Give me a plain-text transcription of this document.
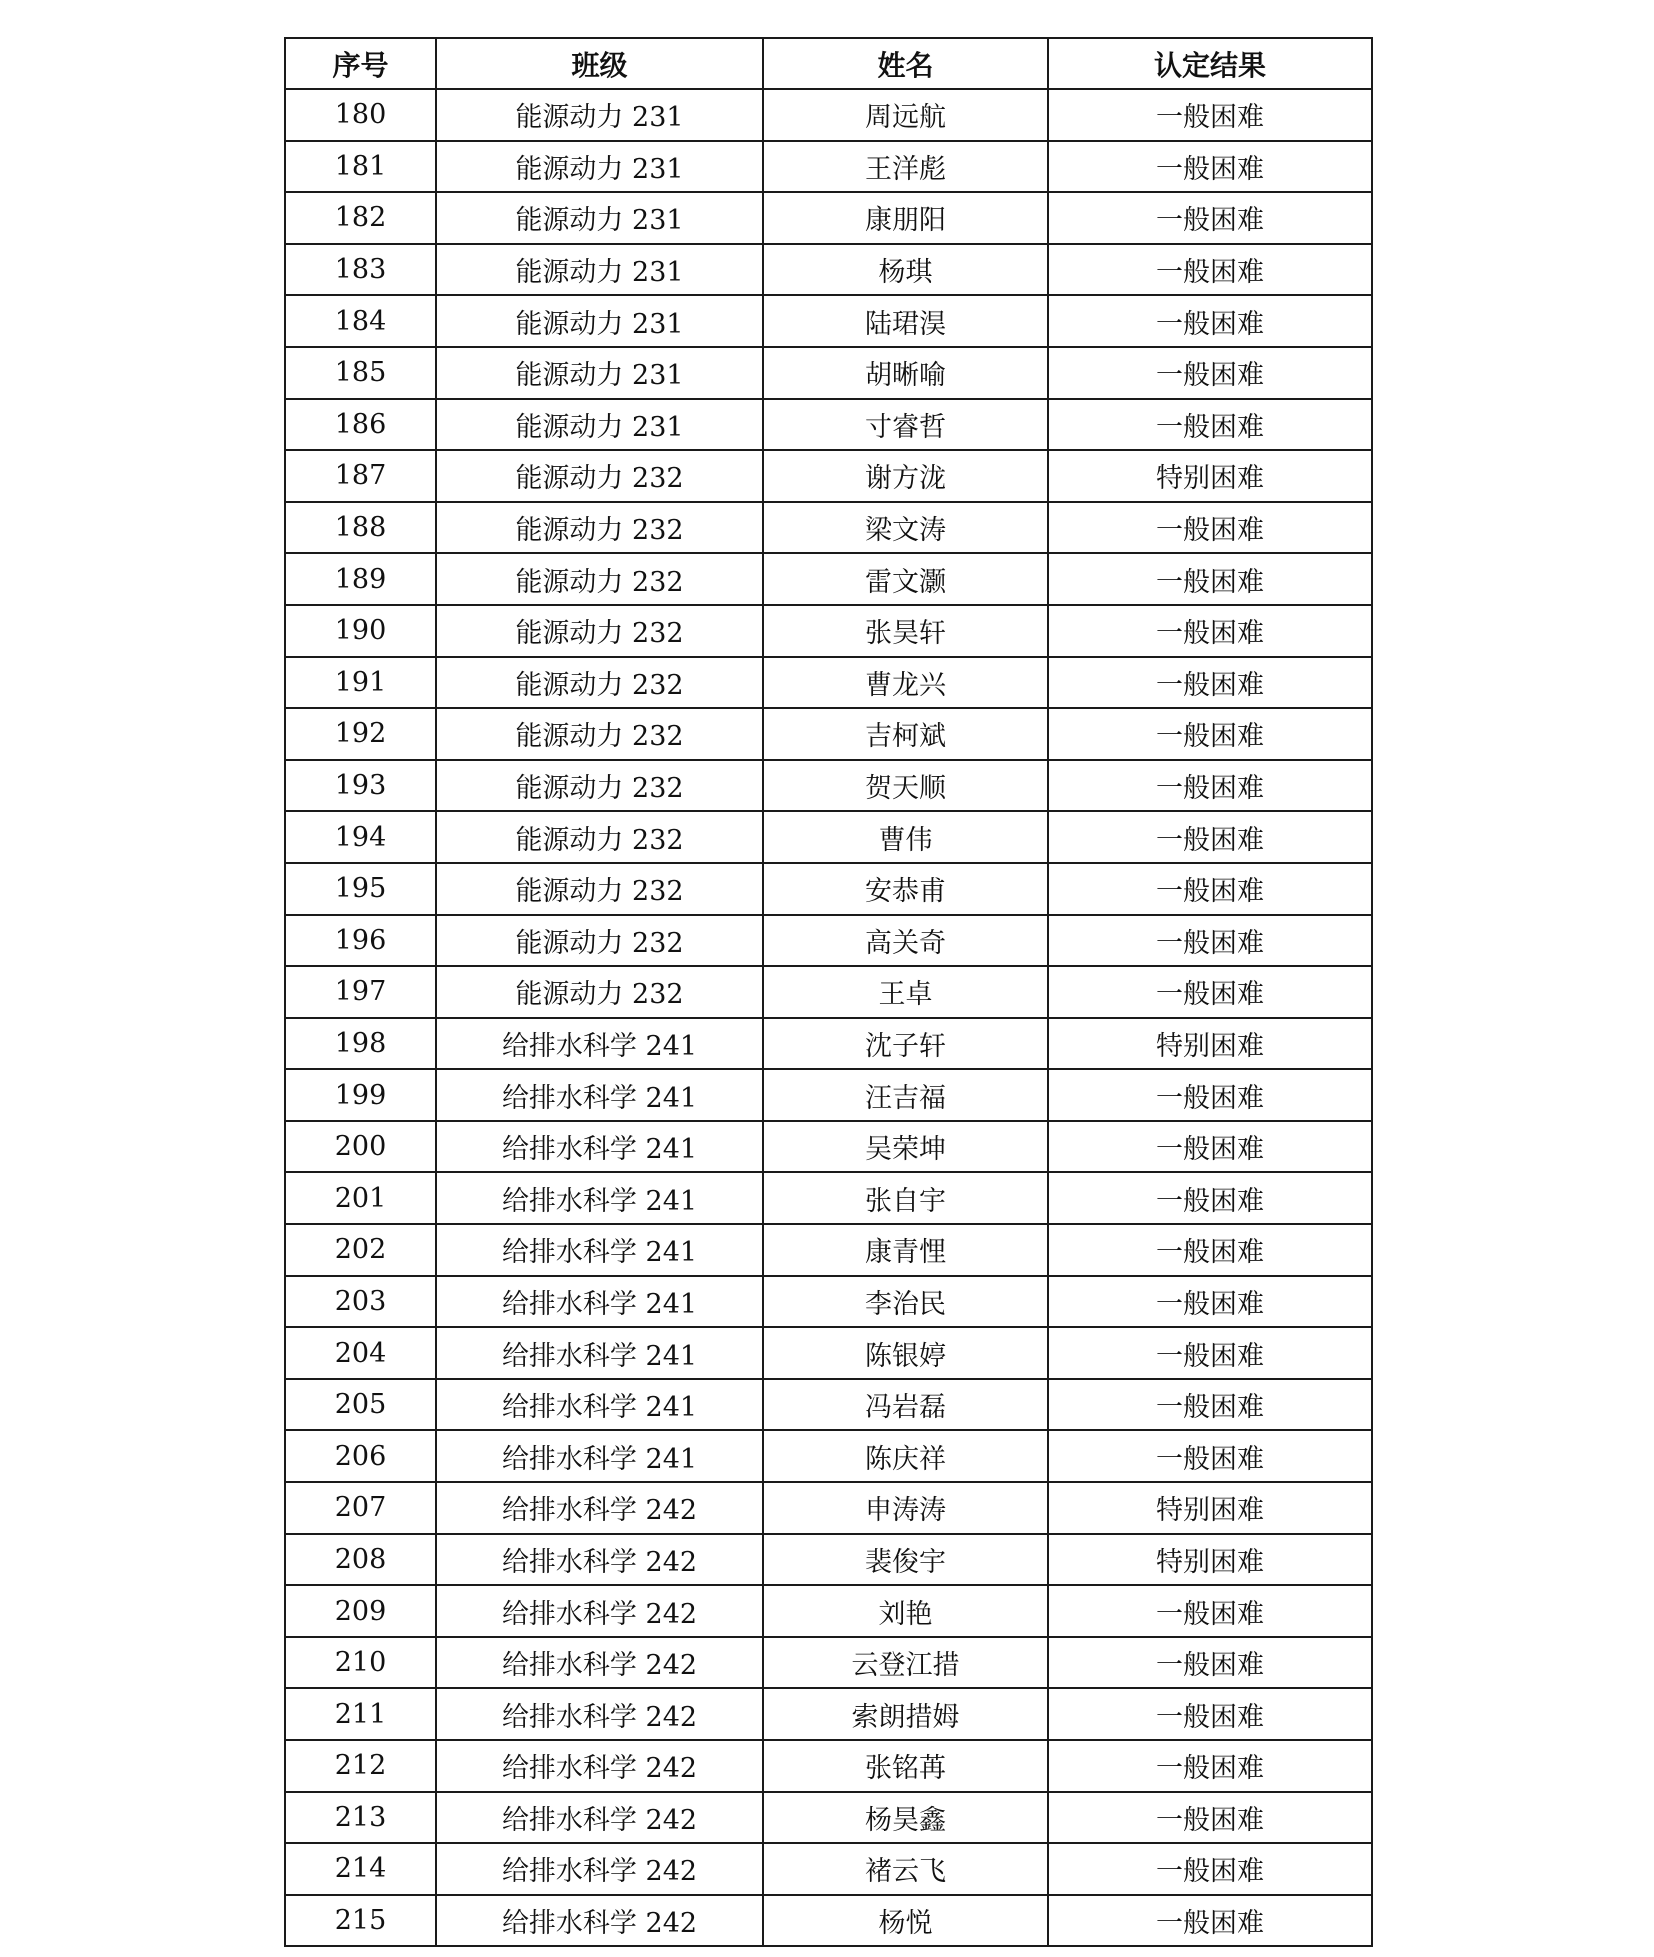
序号	班级	姓名	认定结果
180	能源动力 231	周远航	一般困难
181	能源动力 231	王洋彪	一般困难
182	能源动力 231	康朋阳	一般困难
183	能源动力 231	杨琪	一般困难
184	能源动力 231	陆珺淏	一般困难
185	能源动力 231	胡晰喻	一般困难
186	能源动力 231	寸睿哲	一般困难
187	能源动力 232	谢方泷	特别困难
188	能源动力 232	梁文涛	一般困难
189	能源动力 232	雷文灏	一般困难
190	能源动力 232	张昊轩	一般困难
191	能源动力 232	曹龙兴	一般困难
192	能源动力 232	吉柯斌	一般困难
193	能源动力 232	贺天顺	一般困难
194	能源动力 232	曹伟	一般困难
195	能源动力 232	安恭甫	一般困难
196	能源动力 232	高关奇	一般困难
197	能源动力 232	王卓	一般困难
198	给排水科学 241	沈子轩	特别困难
199	给排水科学 241	汪吉福	一般困难
200	给排水科学 241	吴荣坤	一般困难
201	给排水科学 241	张自宇	一般困难
202	给排水科学 241	康青悝	一般困难
203	给排水科学 241	李治民	一般困难
204	给排水科学 241	陈银婷	一般困难
205	给排水科学 241	冯岩磊	一般困难
206	给排水科学 241	陈庆祥	一般困难
207	给排水科学 242	申涛涛	特别困难
208	给排水科学 242	裴俊宇	特别困难
209	给排水科学 242	刘艳	一般困难
210	给排水科学 242	云登江措	一般困难
211	给排水科学 242	索朗措姆	一般困难
212	给排水科学 242	张铭苒	一般困难
213	给排水科学 242	杨昊鑫	一般困难
214	给排水科学 242	褚云飞	一般困难
215	给排水科学 242	杨悦	一般困难
